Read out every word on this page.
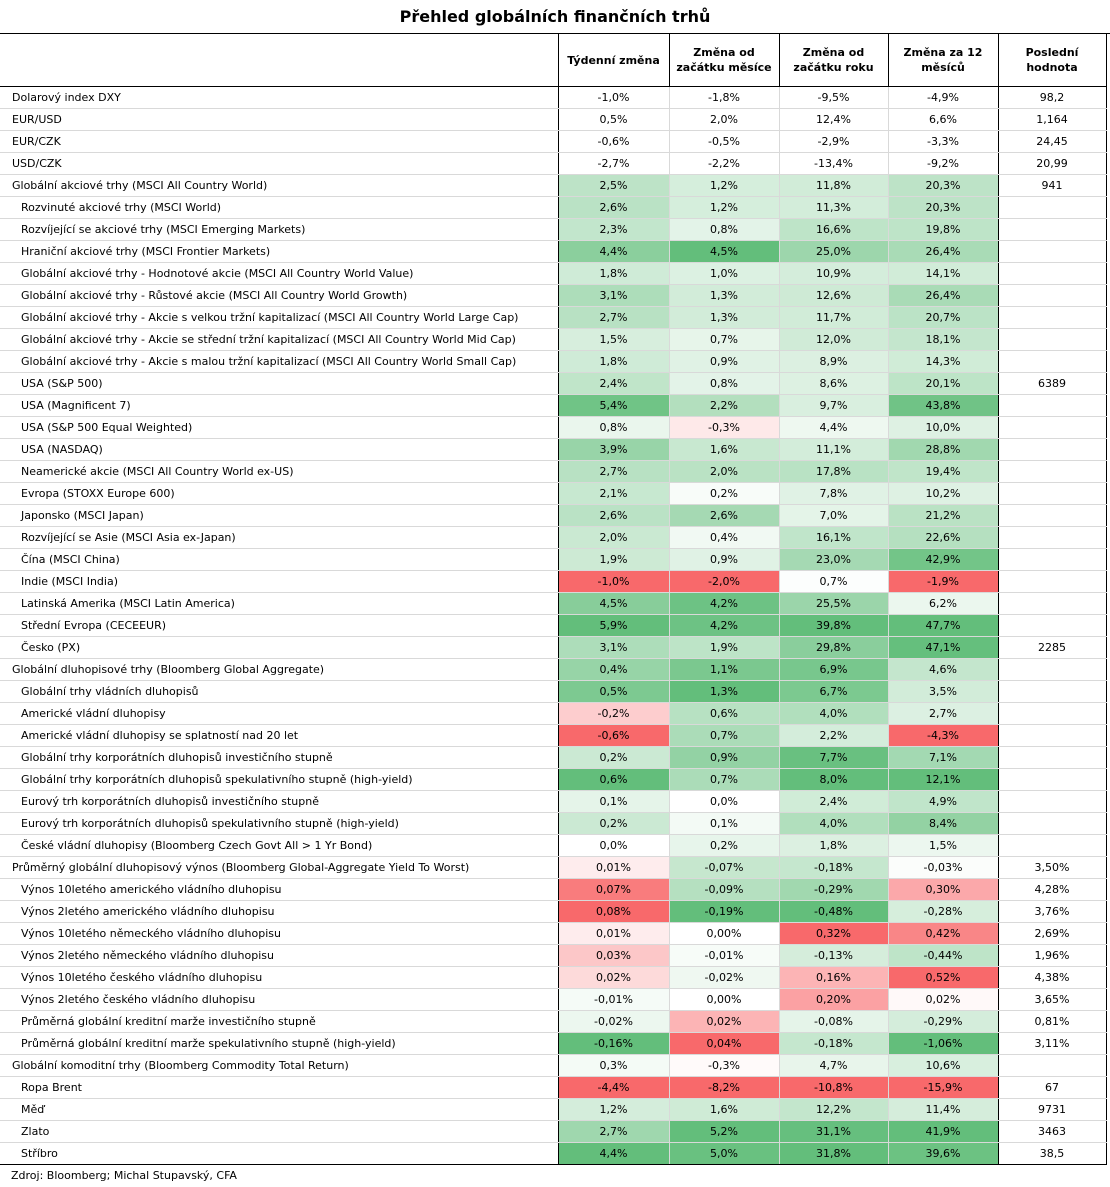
Přehled globálních finančních trhů
	Týdenní změna	Změna od začátku měsíce	Změna od začátku roku	Změna za 12 měsíců	Poslední hodnota
Dolarový index DXY	-1,0%	-1,8%	-9,5%	-4,9%	98,2
EUR/USD	0,5%	2,0%	12,4%	6,6%	1,164
EUR/CZK	-0,6%	-0,5%	-2,9%	-3,3%	24,45
USD/CZK	-2,7%	-2,2%	-13,4%	-9,2%	20,99
Globální akciové trhy (MSCI All Country World)	2,5%	1,2%	11,8%	20,3%	941
Rozvinuté akciové trhy (MSCI World)	2,6%	1,2%	11,3%	20,3%	
Rozvíjející se akciové trhy (MSCI Emerging Markets)	2,3%	0,8%	16,6%	19,8%	
Hraniční akciové trhy (MSCI Frontier Markets)	4,4%	4,5%	25,0%	26,4%	
Globální akciové trhy - Hodnotové akcie (MSCI All Country World Value)	1,8%	1,0%	10,9%	14,1%	
Globální akciové trhy - Růstové akcie (MSCI All Country World Growth)	3,1%	1,3%	12,6%	26,4%	
Globální akciové trhy - Akcie s velkou tržní kapitalizací (MSCI All Country World Large Cap)	2,7%	1,3%	11,7%	20,7%	
Globální akciové trhy - Akcie se střední tržní kapitalizací (MSCI All Country World Mid Cap)	1,5%	0,7%	12,0%	18,1%	
Globální akciové trhy - Akcie s malou tržní kapitalizací (MSCI All Country World Small Cap)	1,8%	0,9%	8,9%	14,3%	
USA (S&P 500)	2,4%	0,8%	8,6%	20,1%	6389
USA (Magnificent 7)	5,4%	2,2%	9,7%	43,8%	
USA (S&P 500 Equal Weighted)	0,8%	-0,3%	4,4%	10,0%	
USA (NASDAQ)	3,9%	1,6%	11,1%	28,8%	
Neamerické akcie (MSCI All Country World ex-US)	2,7%	2,0%	17,8%	19,4%	
Evropa (STOXX Europe 600)	2,1%	0,2%	7,8%	10,2%	
Japonsko (MSCI Japan)	2,6%	2,6%	7,0%	21,2%	
Rozvíjející se Asie (MSCI Asia ex-Japan)	2,0%	0,4%	16,1%	22,6%	
Čína (MSCI China)	1,9%	0,9%	23,0%	42,9%	
Indie (MSCI India)	-1,0%	-2,0%	0,7%	-1,9%	
Latinská Amerika (MSCI Latin America)	4,5%	4,2%	25,5%	6,2%	
Střední Evropa (CECEEUR)	5,9%	4,2%	39,8%	47,7%	
Česko (PX)	3,1%	1,9%	29,8%	47,1%	2285
Globální dluhopisové trhy (Bloomberg Global Aggregate)	0,4%	1,1%	6,9%	4,6%	
Globální trhy vládních dluhopisů	0,5%	1,3%	6,7%	3,5%	
Americké vládní dluhopisy	-0,2%	0,6%	4,0%	2,7%	
Americké vládní dluhopisy se splatností nad 20 let	-0,6%	0,7%	2,2%	-4,3%	
Globální trhy korporátních dluhopisů investičního stupně	0,2%	0,9%	7,7%	7,1%	
Globální trhy korporátních dluhopisů spekulativního stupně (high-yield)	0,6%	0,7%	8,0%	12,1%	
Eurový trh korporátních dluhopisů investičního stupně	0,1%	0,0%	2,4%	4,9%	
Eurový trh korporátních dluhopisů spekulativního stupně (high-yield)	0,2%	0,1%	4,0%	8,4%	
České vládní dluhopisy (Bloomberg Czech Govt All > 1 Yr Bond)	0,0%	0,2%	1,8%	1,5%	
Průměrný globální dluhopisový výnos (Bloomberg Global-Aggregate Yield To Worst)	0,01%	-0,07%	-0,18%	-0,03%	3,50%
Výnos 10letého amerického vládního dluhopisu	0,07%	-0,09%	-0,29%	0,30%	4,28%
Výnos 2letého amerického vládního dluhopisu	0,08%	-0,19%	-0,48%	-0,28%	3,76%
Výnos 10letého německého vládního dluhopisu	0,01%	0,00%	0,32%	0,42%	2,69%
Výnos 2letého německého vládního dluhopisu	0,03%	-0,01%	-0,13%	-0,44%	1,96%
Výnos 10letého českého vládního dluhopisu	0,02%	-0,02%	0,16%	0,52%	4,38%
Výnos 2letého českého vládního dluhopisu	-0,01%	0,00%	0,20%	0,02%	3,65%
Průměrná globální kreditní marže investičního stupně	-0,02%	0,02%	-0,08%	-0,29%	0,81%
Průměrná globální kreditní marže spekulativního stupně (high-yield)	-0,16%	0,04%	-0,18%	-1,06%	3,11%
Globální komoditní trhy (Bloomberg Commodity Total Return)	0,3%	-0,3%	4,7%	10,6%	
Ropa Brent	-4,4%	-8,2%	-10,8%	-15,9%	67
Měď	1,2%	1,6%	12,2%	11,4%	9731
Zlato	2,7%	5,2%	31,1%	41,9%	3463
Stříbro	4,4%	5,0%	31,8%	39,6%	38,5
Zdroj: Bloomberg; Michal Stupavský, CFA
